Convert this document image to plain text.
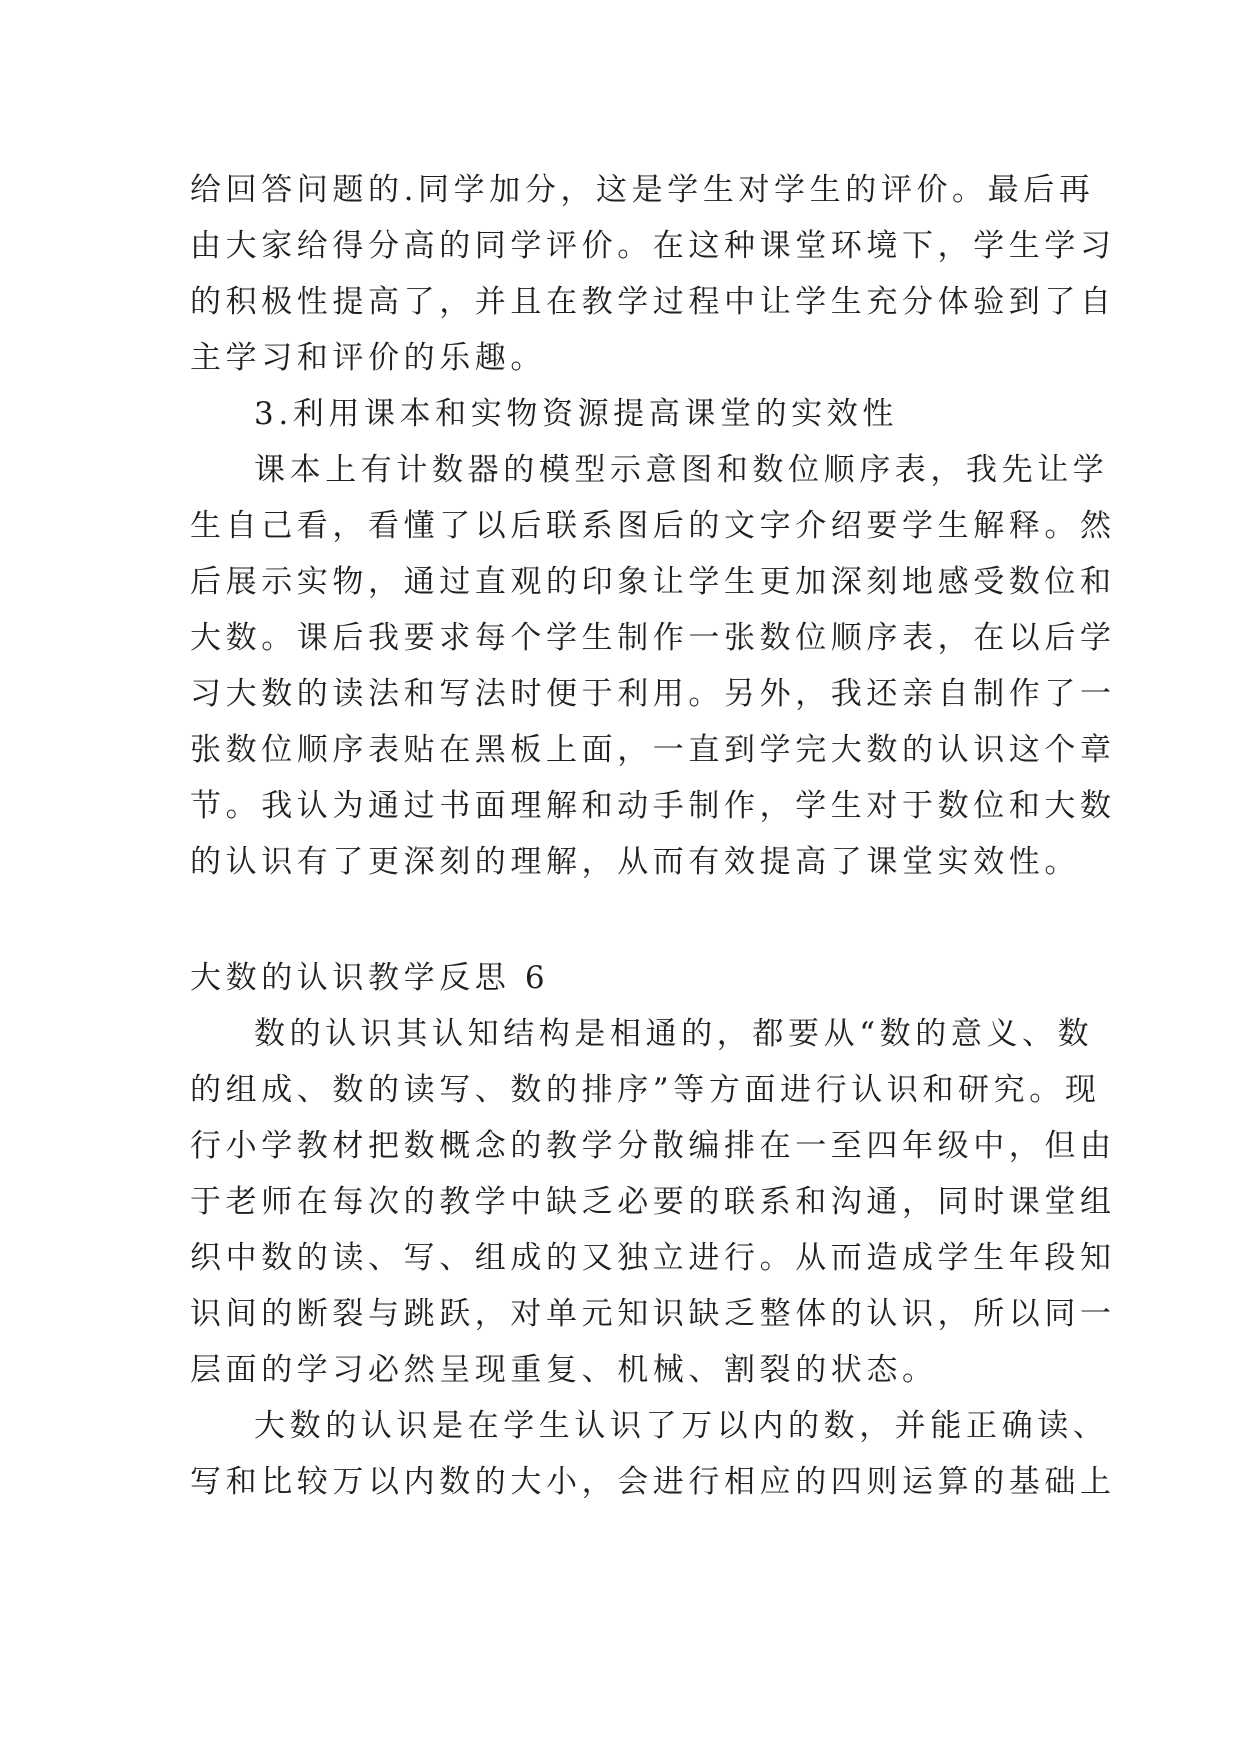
给回答问题的.同学加分，这是学生对学生的评价。最后再
由大家给得分高的同学评价。在这种课堂环境下，学生学习
的积极性提高了，并且在教学过程中让学生充分体验到了自
主学习和评价的乐趣。
3.利用课本和实物资源提高课堂的实效性
课本上有计数器的模型示意图和数位顺序表，我先让学
生自己看，看懂了以后联系图后的文字介绍要学生解释。然
后展示实物，通过直观的印象让学生更加深刻地感受数位和
大数。课后我要求每个学生制作一张数位顺序表，在以后学
习大数的读法和写法时便于利用。另外，我还亲自制作了一
张数位顺序表贴在黑板上面，一直到学完大数的认识这个章
节。我认为通过书面理解和动手制作，学生对于数位和大数
的认识有了更深刻的理解，从而有效提高了课堂实效性。
大数的认识教学反思 6
数的认识其认知结构是相通的，都要从“数的意义、数
的组成、数的读写、数的排序”等方面进行认识和研究。现
行小学教材把数概念的教学分散编排在一至四年级中，但由
于老师在每次的教学中缺乏必要的联系和沟通，同时课堂组
织中数的读、写、组成的又独立进行。从而造成学生年段知
识间的断裂与跳跃，对单元知识缺乏整体的认识，所以同一
层面的学习必然呈现重复、机械、割裂的状态。
大数的认识是在学生认识了万以内的数，并能正确读、
写和比较万以内数的大小，会进行相应的四则运算的基础上
